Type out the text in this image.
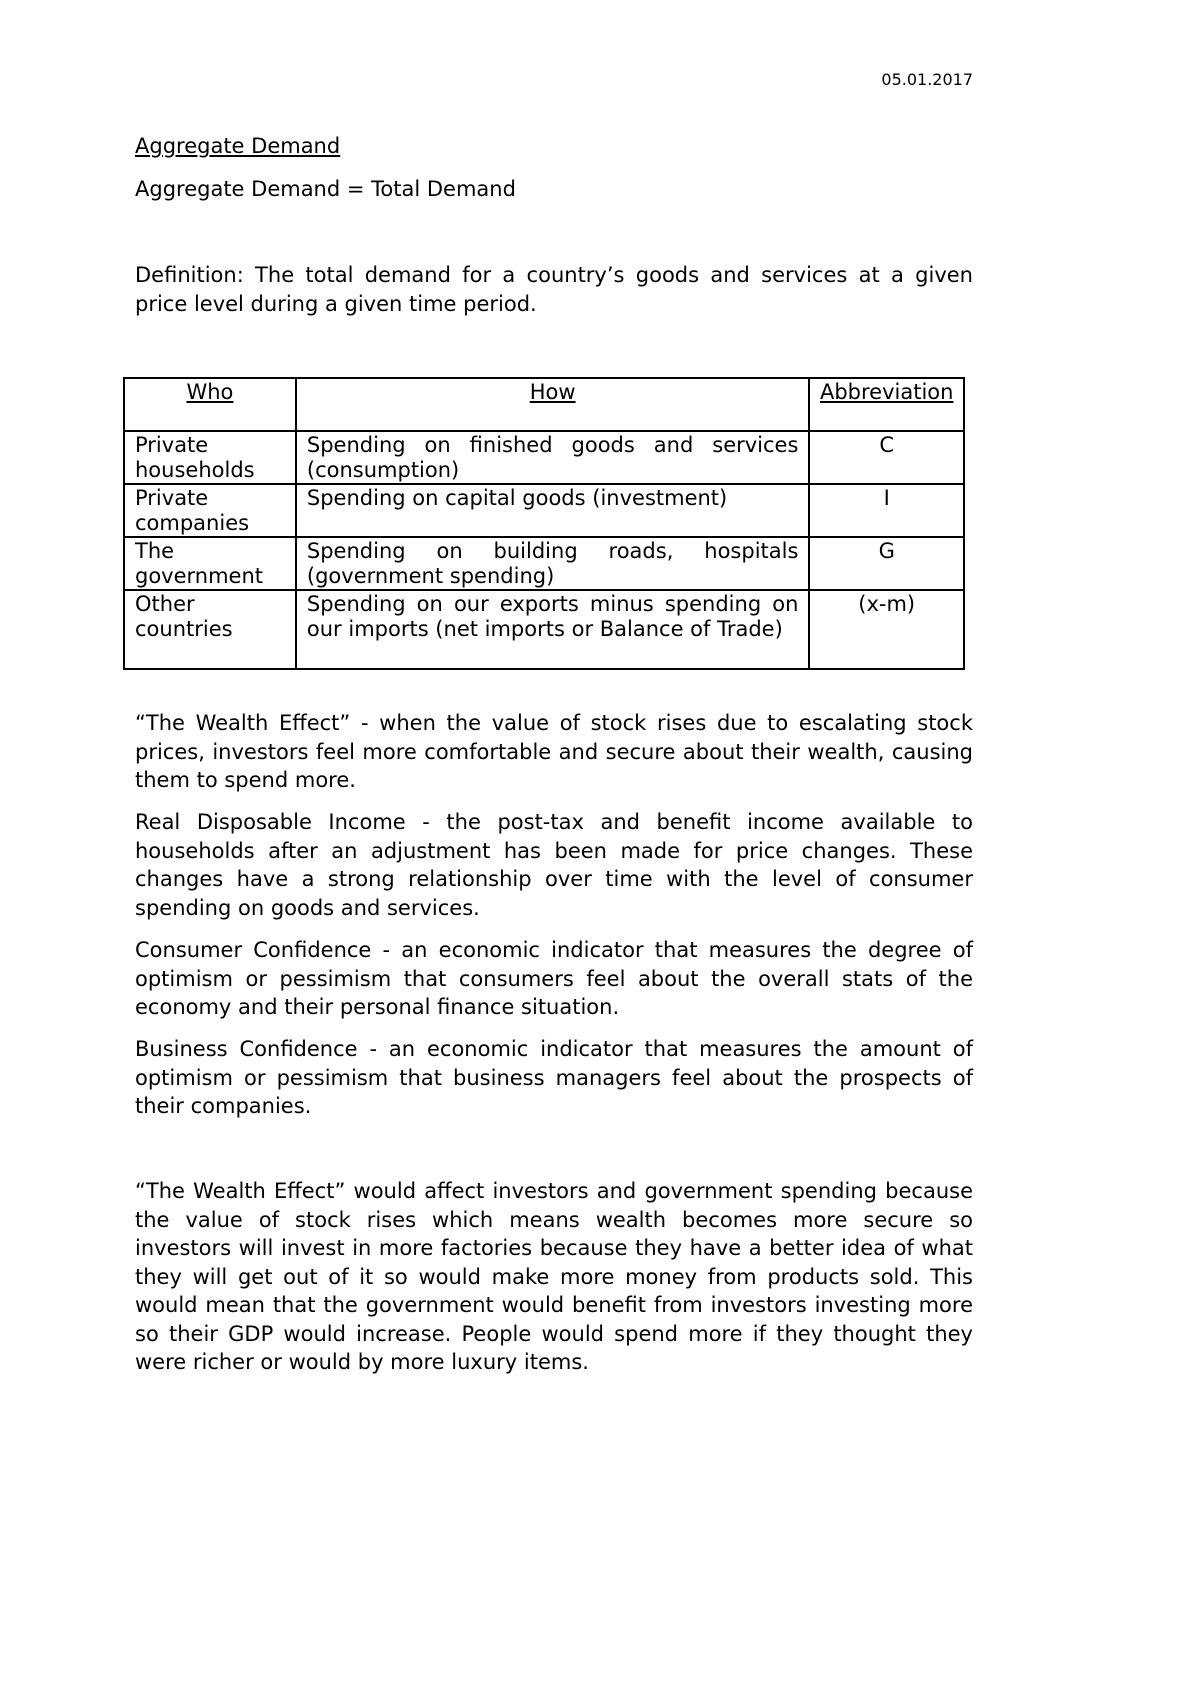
05.01.2017

Aggregate Demand

Aggregate Demand = Total Demand

Definition: The total demand for a country’s goods and services at a given price level during a given time period.

Who	How	Abbreviation
Private households	Spending on finished goods and services (consumption)	C
Private companies	Spending on capital goods (investment)	I
The government	Spending on building roads, hospitals (government spending)	G
Other countries	Spending on our exports minus spending on our imports (net imports or Balance of Trade)	(x-m)

“The Wealth Effect” - when the value of stock rises due to escalating stock prices, investors feel more comfortable and secure about their wealth, causing them to spend more.

Real Disposable Income - the post-tax and benefit income available to households after an adjustment has been made for price changes. These changes have a strong relationship over time with the level of consumer spending on goods and services.

Consumer Confidence - an economic indicator that measures the degree of optimism or pessimism that consumers feel about the overall stats of the economy and their personal finance situation.

Business Confidence - an economic indicator that measures the amount of optimism or pessimism that business managers feel about the prospects of their companies.

“The Wealth Effect” would affect investors and government spending because the value of stock rises which means wealth becomes more secure so investors will invest in more factories because they have a better idea of what they will get out of it so would make more money from products sold. This would mean that the government would benefit from investors investing more so their GDP would increase. People would spend more if they thought they were richer or would by more luxury items.
